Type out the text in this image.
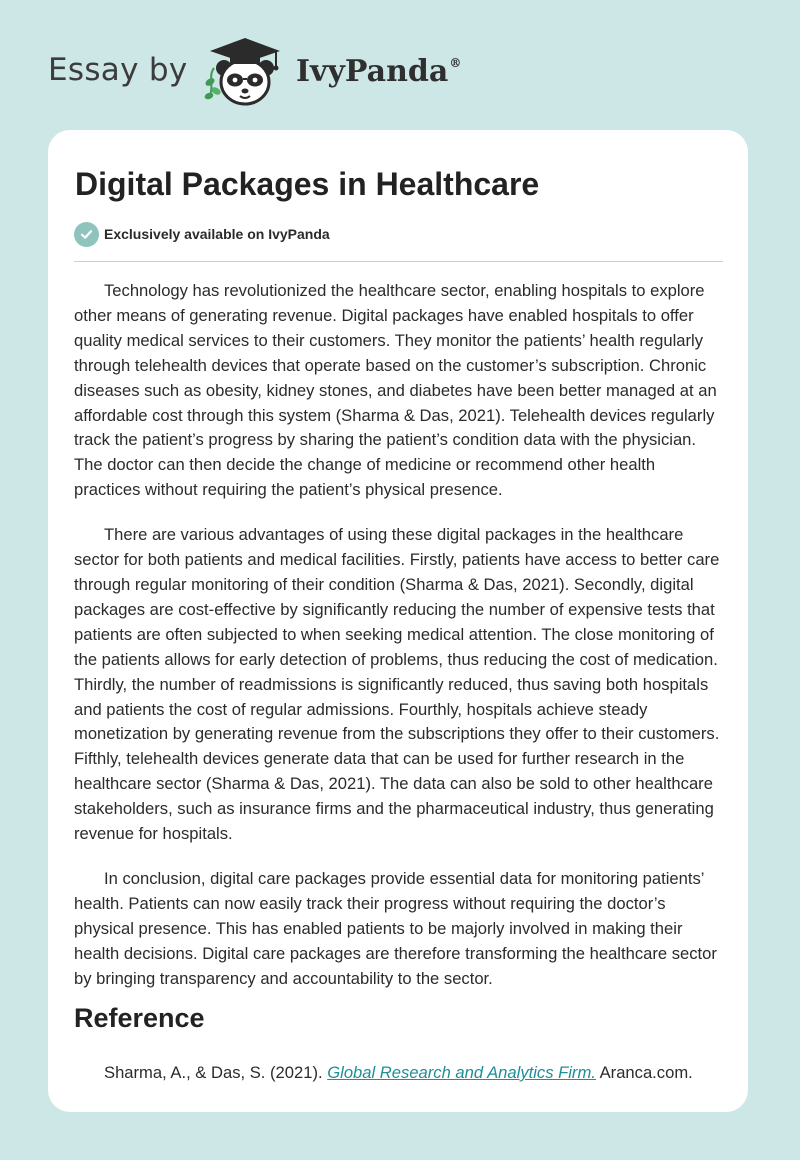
Essay by	IvyPanda®
Digital Packages in Healthcare
Exclusively available on IvyPanda

Technology has revolutionized the healthcare sector, enabling hospitals to explore other means of generating revenue. Digital packages have enabled hospitals to offer quality medical services to their customers. They monitor the patients’ health regularly through telehealth devices that operate based on the customer’s subscription. Chronic diseases such as obesity, kidney stones, and diabetes have been better managed at an affordable cost through this system (Sharma & Das, 2021). Telehealth devices regularly track the patient’s progress by sharing the patient’s condition data with the physician. The doctor can then decide the change of medicine or recommend other health practices without requiring the patient’s physical presence.

There are various advantages of using these digital packages in the healthcare sector for both patients and medical facilities. Firstly, patients have access to better care through regular monitoring of their condition (Sharma & Das, 2021). Secondly, digital packages are cost-effective by significantly reducing the number of expensive tests that patients are often subjected to when seeking medical attention. The close monitoring of the patients allows for early detection of problems, thus reducing the cost of medication. Thirdly, the number of readmissions is significantly reduced, thus saving both hospitals and patients the cost of regular admissions. Fourthly, hospitals achieve steady monetization by generating revenue from the subscriptions they offer to their customers. Fifthly, telehealth devices generate data that can be used for further research in the healthcare sector (Sharma & Das, 2021). The data can also be sold to other healthcare stakeholders, such as insurance firms and the pharmaceutical industry, thus generating revenue for hospitals.

In conclusion, digital care packages provide essential data for monitoring patients’ health. Patients can now easily track their progress without requiring the doctor’s physical presence. This has enabled patients to be majorly involved in making their health decisions. Digital care packages are therefore transforming the healthcare sector by bringing transparency and accountability to the sector.

Reference
Sharma, A., & Das, S. (2021). Global Research and Analytics Firm. Aranca.com.
